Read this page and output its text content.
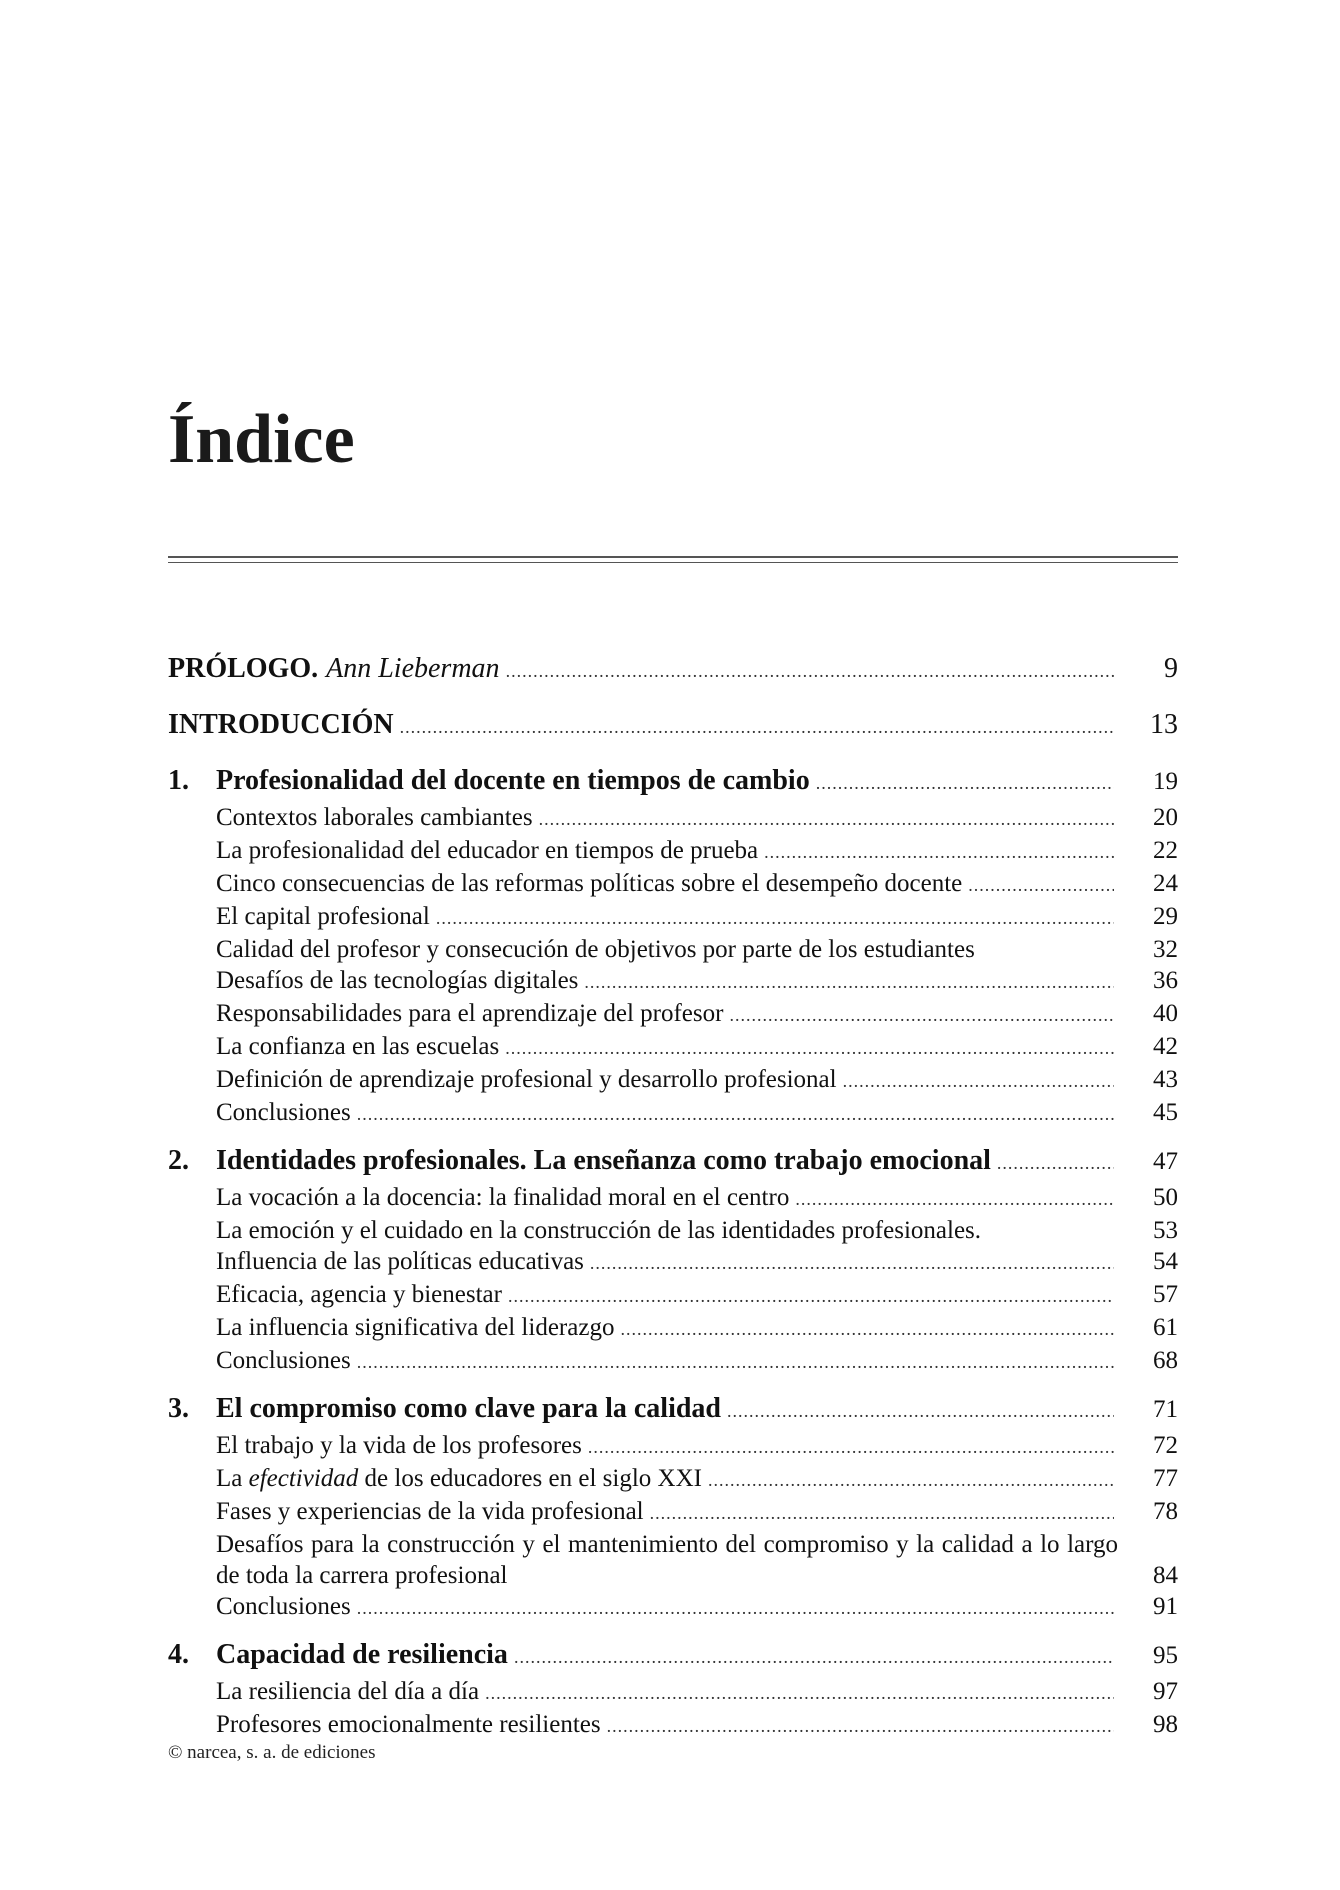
Índice
PRÓLOGO. Ann Lieberman .....	9
INTRODUCCIÓN .....	13
1. Profesionalidad del docente en tiempos de cambio .....	19
Contextos laborales cambiantes .....	20
La profesionalidad del educador en tiempos de prueba .....	22
Cinco consecuencias de las reformas políticas sobre el desempeño docente .....	24
El capital profesional .....	29
Calidad del profesor y consecución de objetivos por parte de los estudiantes	32
Desafíos de las tecnologías digitales .....	36
Responsabilidades para el aprendizaje del profesor .....	40
La confianza en las escuelas .....	42
Definición de aprendizaje profesional y desarrollo profesional .....	43
Conclusiones .....	45
2. Identidades profesionales. La enseñanza como trabajo emocional .....	47
La vocación a la docencia: la finalidad moral en el centro .....	50
La emoción y el cuidado en la construcción de las identidades profesionales.	53
Influencia de las políticas educativas .....	54
Eficacia, agencia y bienestar .....	57
La influencia significativa del liderazgo .....	61
Conclusiones .....	68
3. El compromiso como clave para la calidad .....	71
El trabajo y la vida de los profesores .....	72
La efectividad de los educadores en el siglo XXI .....	77
Fases y experiencias de la vida profesional .....	78
Desafíos para la construcción y el mantenimiento del compromiso y la calidad a lo largo de toda la carrera profesional	84
Conclusiones .....	91
4. Capacidad de resiliencia .....	95
La resiliencia del día a día .....	97
Profesores emocionalmente resilientes .....	98
© narcea, s. a. de ediciones
